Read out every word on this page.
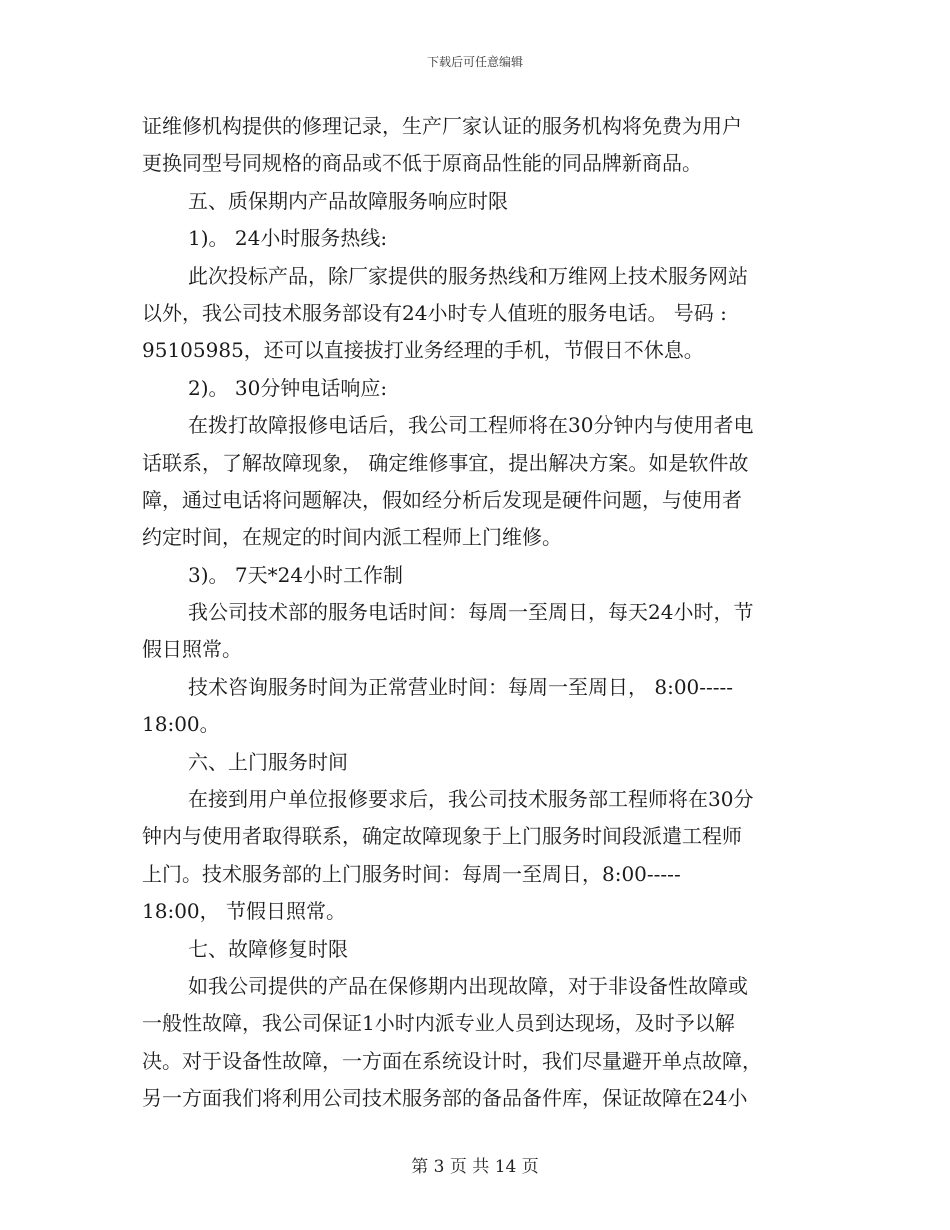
下载后可任意编辑
证维修机构提供的修理记录，生产厂家认证的服务机构将免费为用户
更换同型号同规格的商品或不低于原商品性能的同品牌新商品。
五、质保期内产品故障服务响应时限
1)。 24小时服务热线:
此次投标产品，除厂家提供的服务热线和万维网上技术服务网站
以外，我公司技术服务部设有24小时专人值班的服务电话。 号码 :
95105985，还可以直接拔打业务经理的手机，节假日不休息。
2)。 30分钟电话响应:
在拨打故障报修电话后，我公司工程师将在30分钟内与使用者电
话联系，了解故障现象， 确定维修事宜，提出解决方案。如是软件故
障，通过电话将问题解决，假如经分析后发现是硬件问题，与使用者
约定时间，在规定的时间内派工程师上门维修。
3)。 7天*24小时工作制
我公司技术部的服务电话时间：每周一至周日，每天24小时，节
假日照常。
技术咨询服务时间为正常营业时间：每周一至周日， 8:00-----
18:00。
六、上门服务时间
在接到用户单位报修要求后，我公司技术服务部工程师将在30分
钟内与使用者取得联系，确定故障现象于上门服务时间段派遣工程师
上门。技术服务部的上门服务时间：每周一至周日，8:00-----
18:00， 节假日照常。
七、故障修复时限
如我公司提供的产品在保修期内出现故障，对于非设备性故障或
一般性故障，我公司保证1小时内派专业人员到达现场，及时予以解
决。对于设备性故障，一方面在系统设计时，我们尽量避开单点故障，
另一方面我们将利用公司技术服务部的备品备件库，保证故障在24小
第 3 页 共 14 页
